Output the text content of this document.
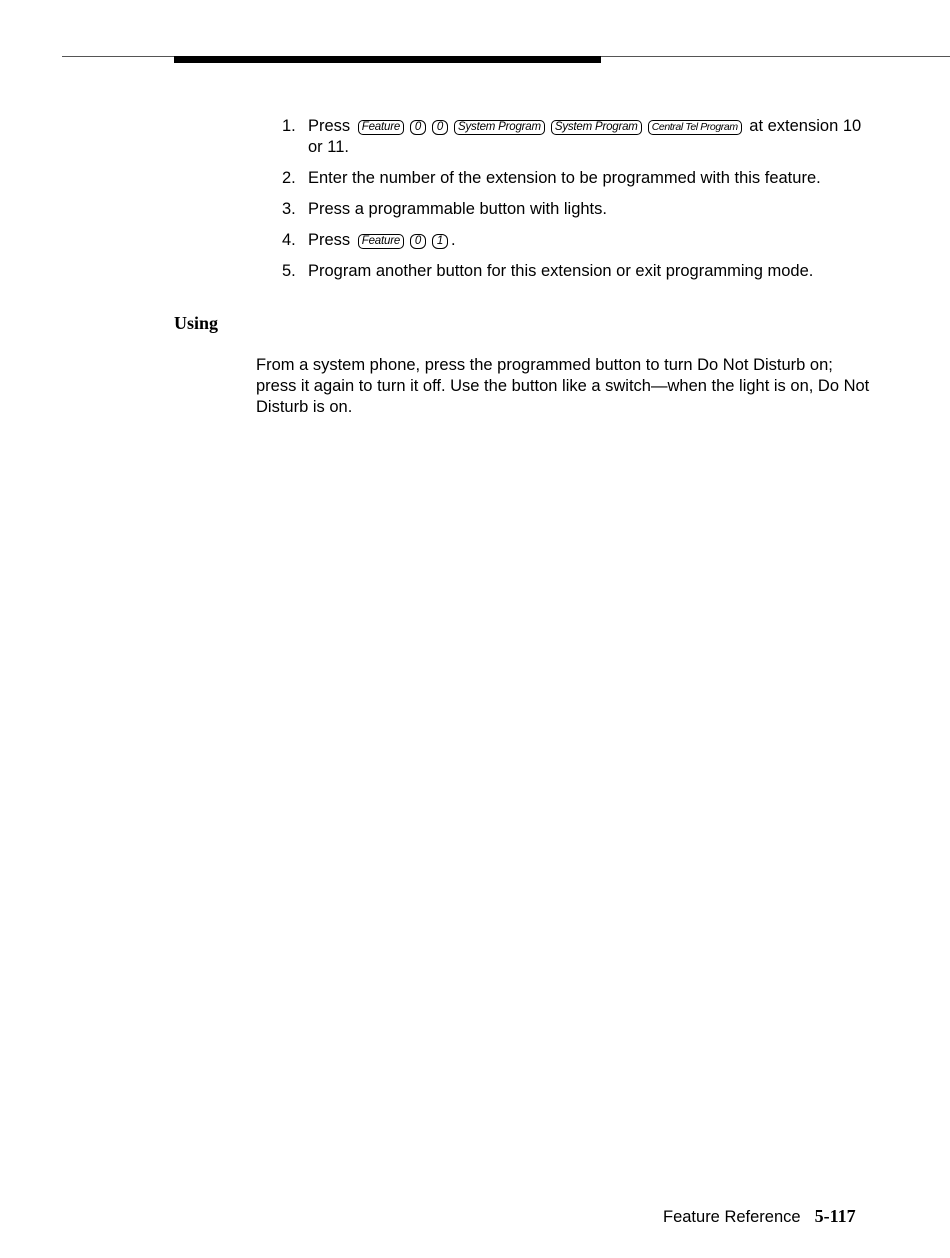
1. Press Feature 0 0 System Program System Program Central Tel Program at extension 10 or 11.
2. Enter the number of the extension to be programmed with this feature.
3. Press a programmable button with lights.
4. Press Feature 0 1 .
5. Program another button for this extension or exit programming mode.
Using

From a system phone, press the programmed button to turn Do Not Disturb on; press it again to turn it off. Use the button like a switch—when the light is on, Do Not Disturb is on.

Feature Reference 5-117
